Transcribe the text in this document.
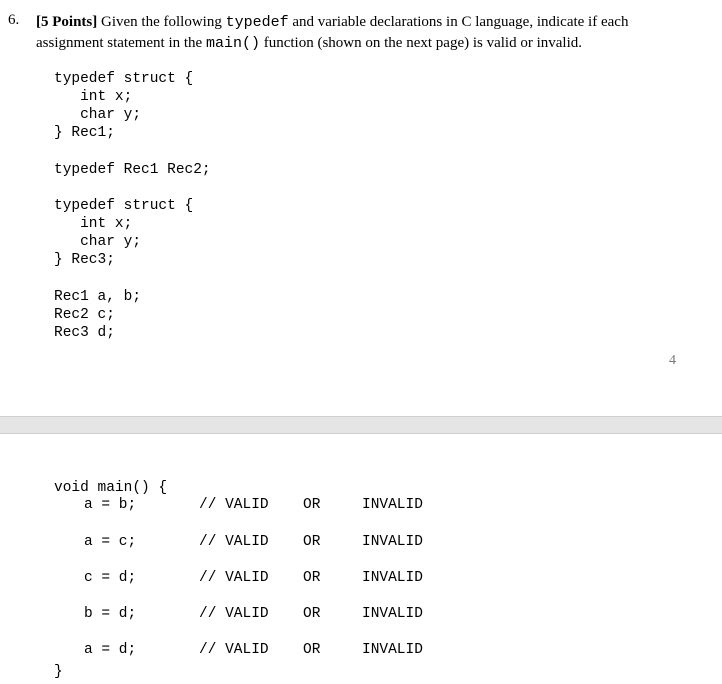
6. [5 Points] Given the following typedef and variable declarations in C language, indicate if each
assignment statement in the main() function (shown on the next page) is valid or invalid.
typedef struct {
int x;
char y;
} Rec1;
typedef Rec1 Rec2;
typedef struct {
int x;
char y;
} Rec3;
Rec1 a, b;
Rec2 c;
Rec3 d;
4
void main() {
a = b;	// VALID OR	INVALID
a = c;	// VALID OR	INVALID
c = d;	// VALID OR	INVALID
b = d;	// VALID OR	INVALID
a = d;	// VALID OR	INVALID
}
